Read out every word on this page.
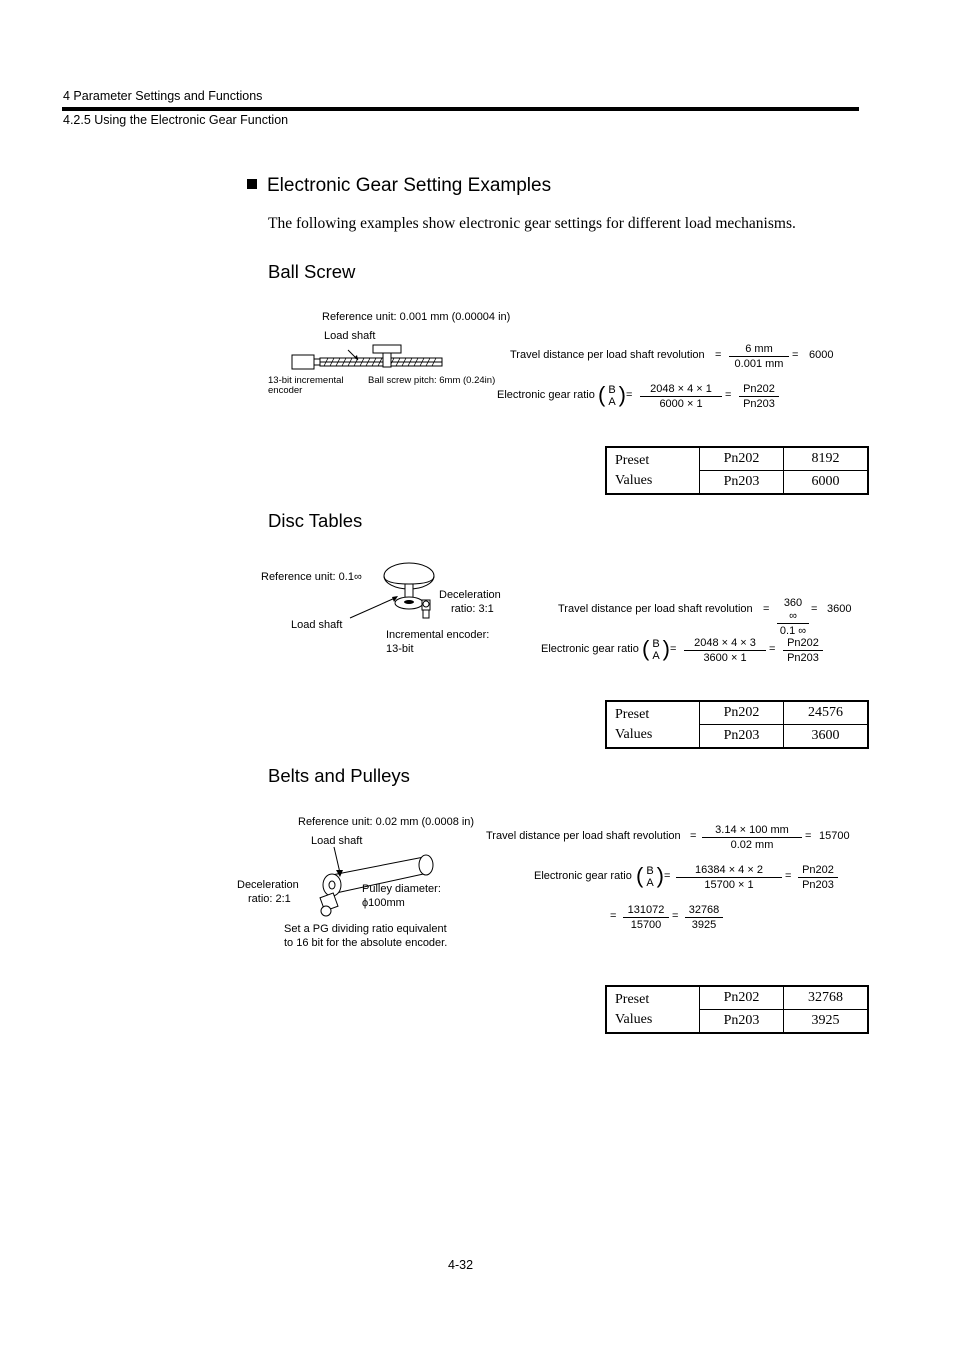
4 Parameter Settings and Functions
4.2.5 Using the Electronic Gear Function
Electronic Gear Setting Examples
The following examples show electronic gear settings for different load mechanisms.
Ball Screw
Reference unit: 0.001 mm (0.00004 in)
Load shaft
13-bit incremental
encoder
Ball screw pitch: 6mm (0.24in)
Travel distance per load shaft revolution = $\frac{6 mm}{0.001 mm} = 6000$
Electronic gear ratio ( B
A ) = $\frac{2048 \times 4 \times 1}{6000 \times 1} = \frac{Pn202}{Pn203}$
Preset
Values	Pn202	8192
	Pn203	6000
Disc Tables
Reference unit: 0.1∞
Deceleration
ratio: 3:1
Load shaft
Incremental encoder:
13-bit
Travel distance per load shaft revolution = $\frac{360 \infty}{0.1 \infty} = 3600$
Electronic gear ratio ( B
A ) = $\frac{2048 \times 4 \times 3}{3600 \times 1} = \frac{Pn202}{Pn203}$
Preset
Values	Pn202	24576
	Pn203	3600
Belts and Pulleys
Reference unit: 0.02 mm (0.0008 in)
Load shaft
Deceleration
ratio: 2:1
Pulley diameter:
ϕ100mm
Set a PG dividing ratio equivalent
to 16 bit for the absolute encoder.
Travel distance per load shaft revolution = $\frac{3.14 \times 100 mm}{0.02 mm} = 15700$
Electronic gear ratio ( B
A ) = $\frac{16384 \times 4 \times 2}{15700 \times 1} = \frac{Pn202}{Pn203}$
= $\frac{131072}{15700} = \frac{32768}{3925}$
Preset
Values	Pn202	32768
	Pn203	3925
4-32
